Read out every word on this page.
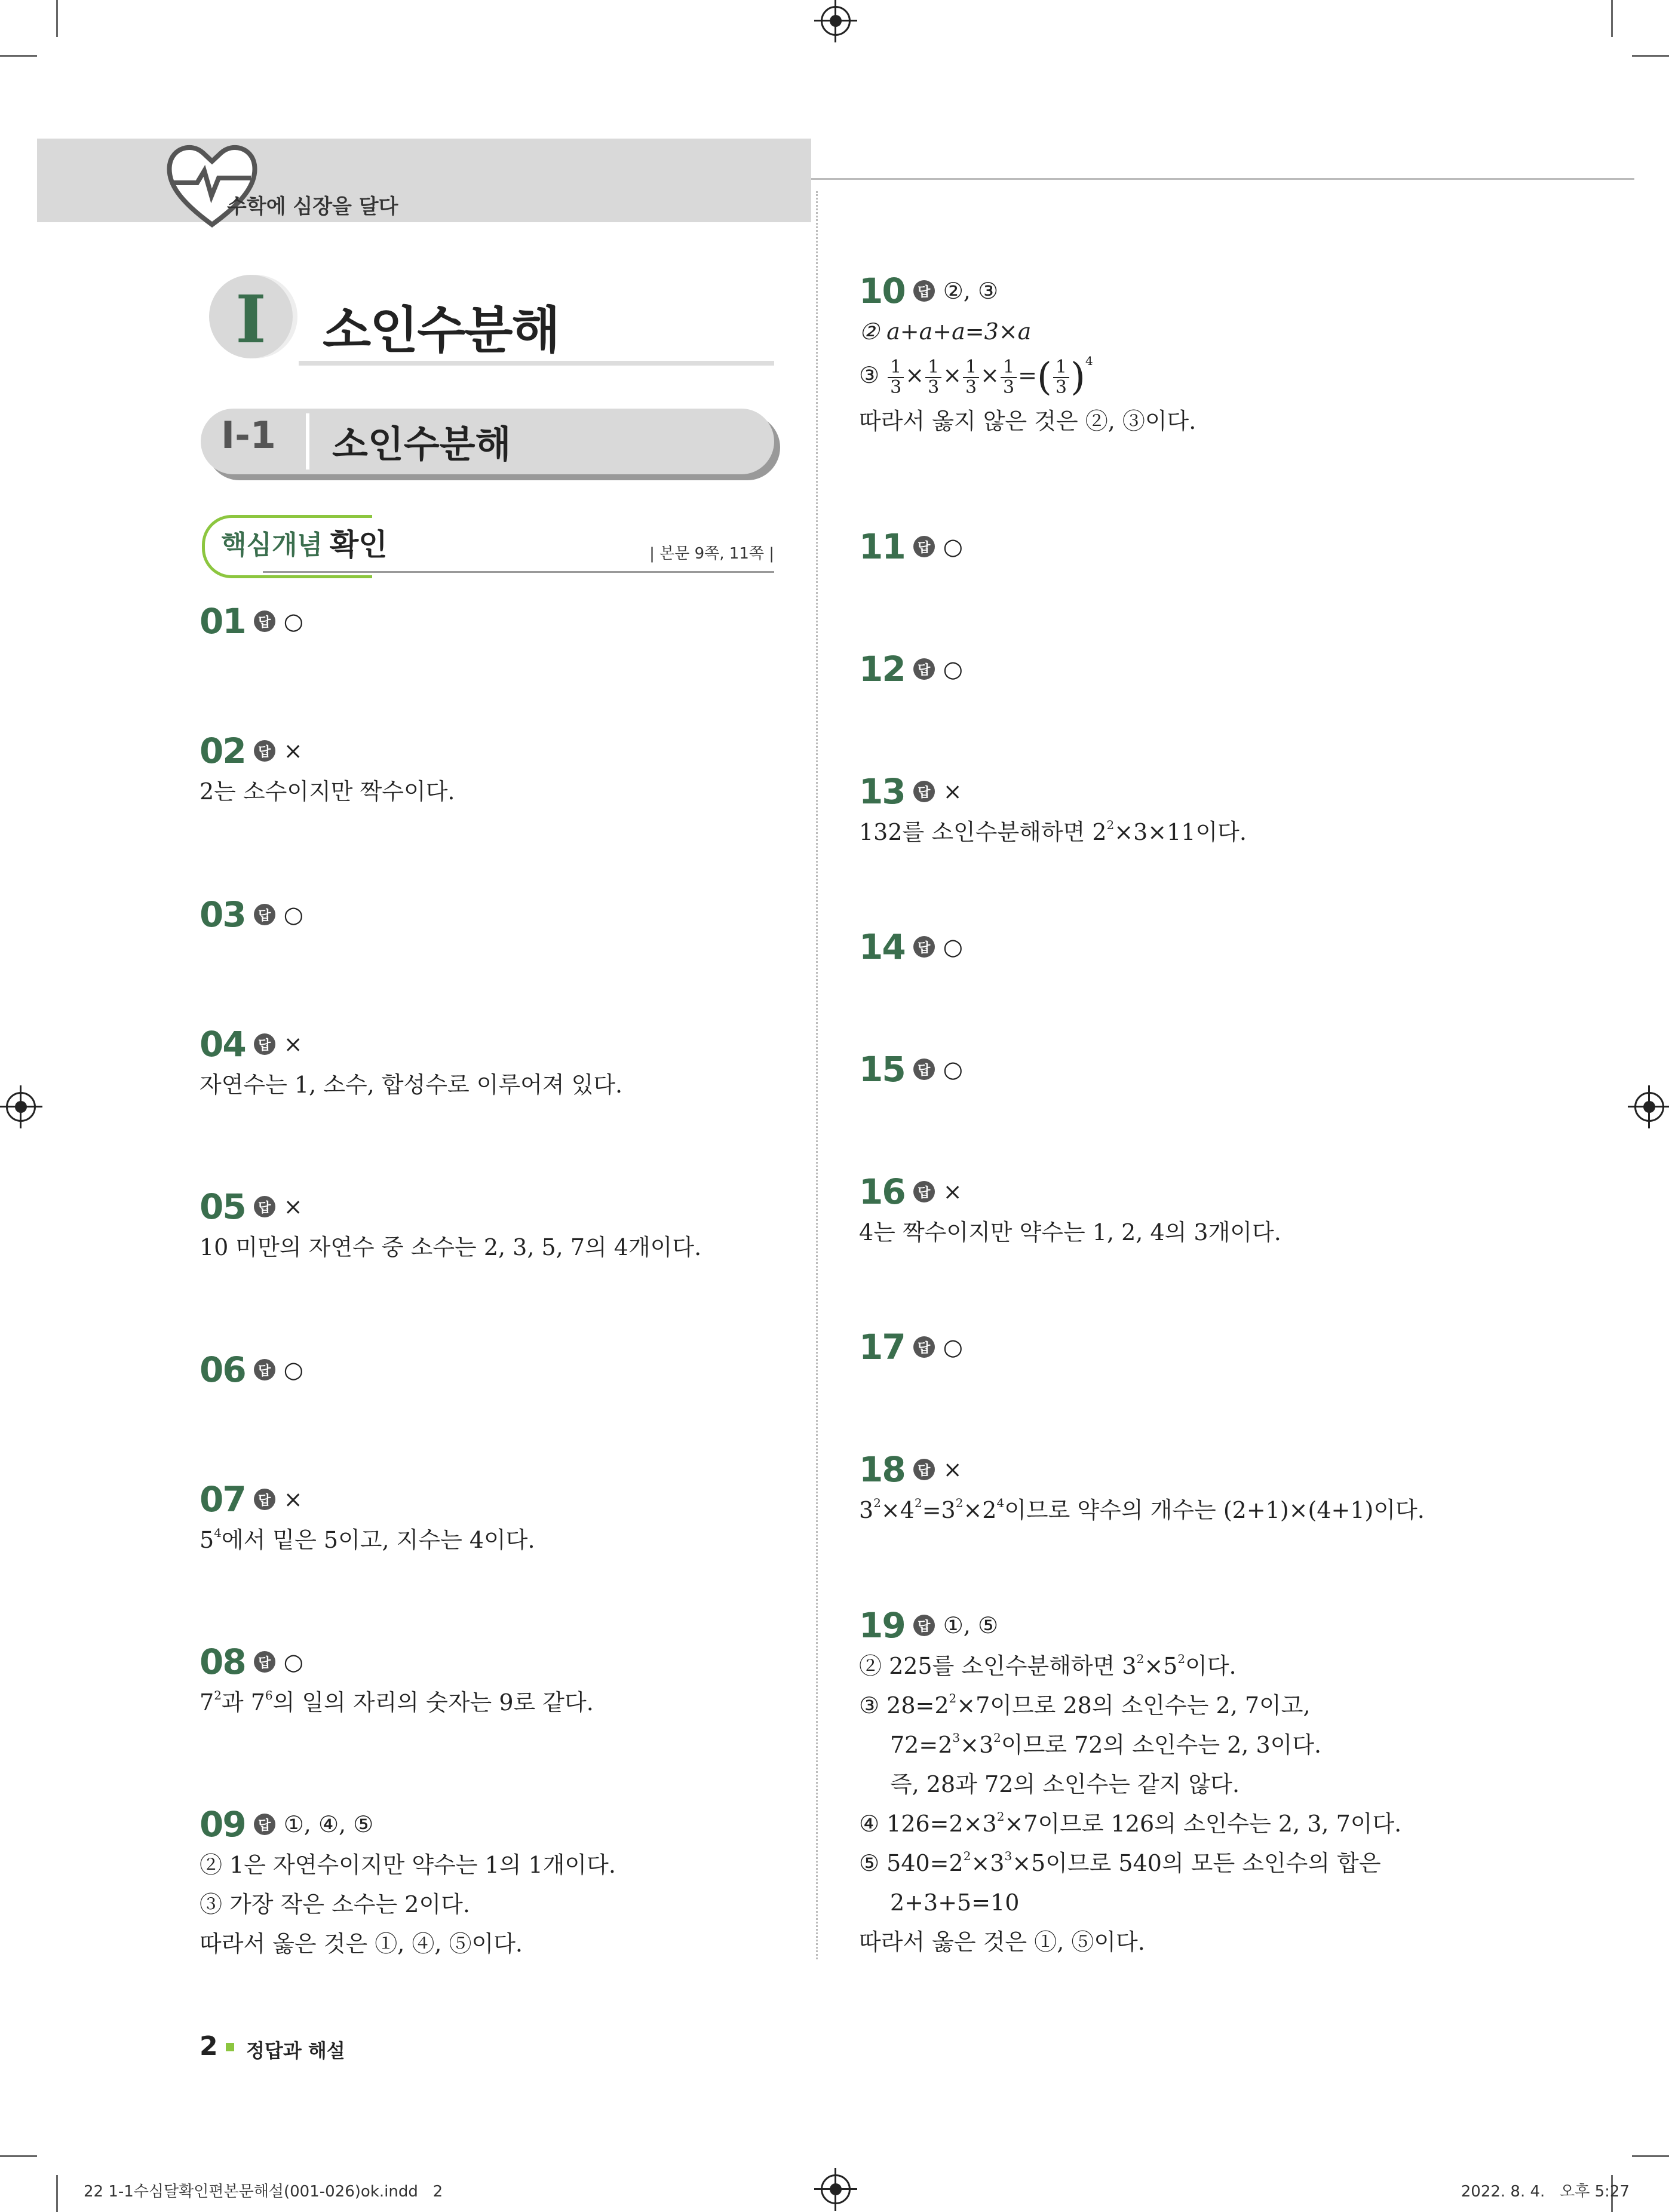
수학에 심장을 달다
I	소인수분해
I-1 소인수분해
핵심개념 확인	| 본문 9쪽, 11쪽 |
01 답 ○
02 답 ×
2는 소수이지만 짝수이다.
03 답 ○
04 답 ×
자연수는 1, 소수, 합성수로 이루어져 있다.
05 답 ×
10 미만의 자연수 중 소수는 2, 3, 5, 7의 4개이다.
06 답 ○
07 답 ×
$5^4$에서 밑은 5이고, 지수는 4이다.
08 답 ○
$7^2$과 $7^6$의 일의 자리의 숫자는 9로 같다.
09 답 ①, ④, ⑤
② 1은 자연수이지만 약수는 1의 1개이다.
③ 가장 작은 소수는 2이다.
따라서 옳은 것은 ①, ④, ⑤이다.
10 답 ②, ③
② a+a+a=3×a
③ $\frac{1}{3} \times \frac{1}{3} \times \frac{1}{3} \times \frac{1}{3}$ =( $\frac{1}{3} )^4$
따라서 옳지 않은 것은 ②, ③이다.
11 답 ○
12 답 ○
13 답 ×
132를 소인수분해하면 $2^2\times 3\times 11$이다.
14 답 ○
15 답 ○
16 답 ×
4는 짝수이지만 약수는 1, 2, 4의 3개이다.
17 답 ○
18 답 ×
$3^2\times 4^2=3^2\times 2^4$이므로 약수의 개수는 (2+1)×(4+1)이다.
19 답 ①, ⑤
② 225를 소인수분해하면 $3^2\times 5^2$이다.
③ $28=2^2\times 7$이므로 28의 소인수는 2, 7이고,
$72=2^3\times 3^2$이므로 72의 소인수는 2, 3이다.
즉, 28과 72의 소인수는 같지 않다.
④ $126=2\times 3^2\times 7$이므로 126의 소인수는 2, 3, 7이다.
⑤ $540=2^2\times 3^3\times 5$이므로 540의 모든 소인수의 합은
2+3+5=10
따라서 옳은 것은 ①, ⑤이다.
2 정답과 해설
22 1-1수심달확인편본문해설(001-026)ok.indd   2	2022. 8. 4.   오후 5:27
